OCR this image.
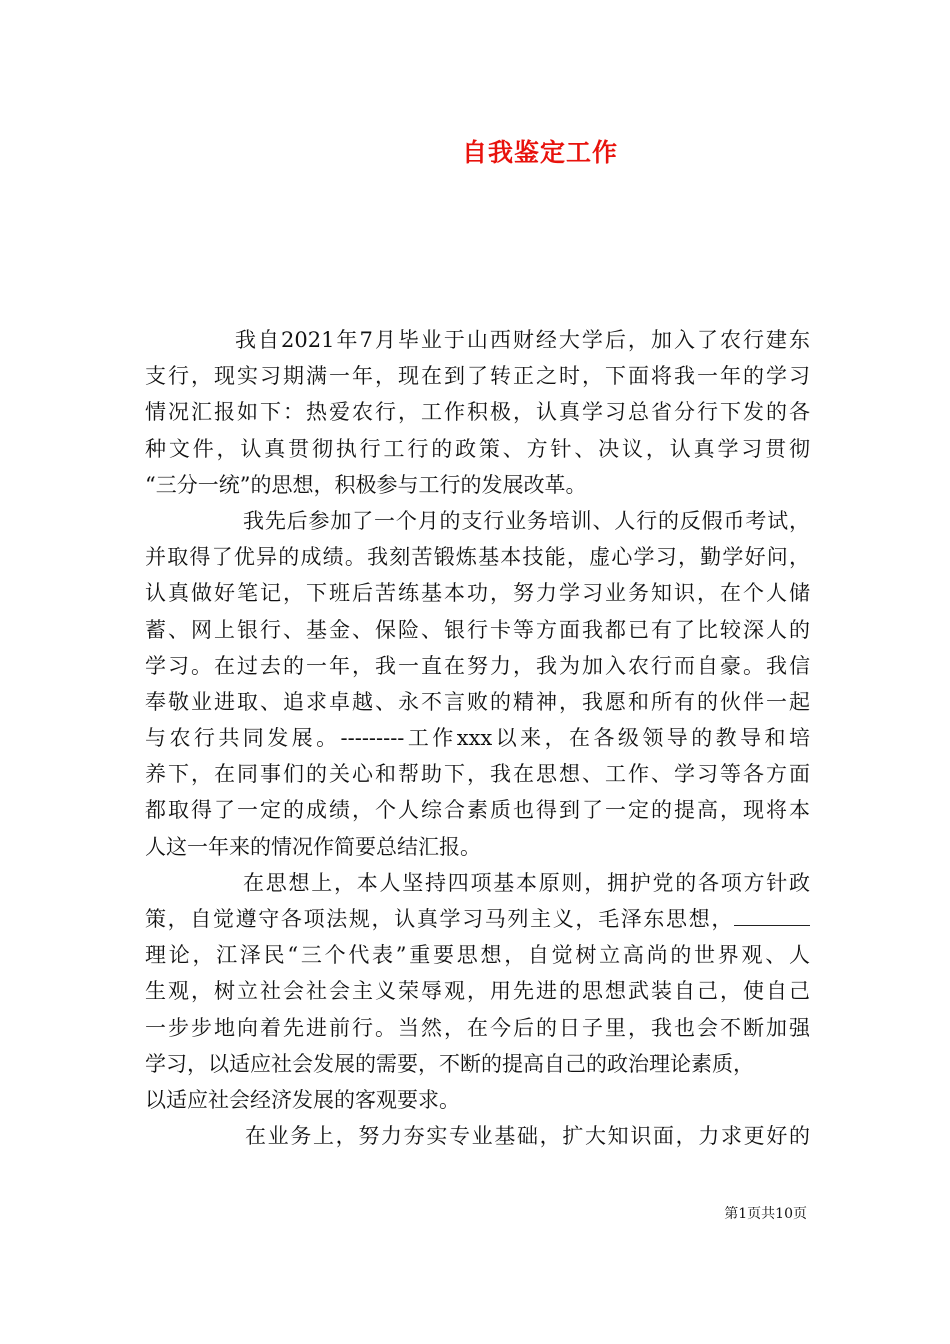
自我鉴定工作
我自2021年7月毕业于山西财经大学后，加入了农行建东
支行，现实习期满一年，现在到了转正之时，下面将我一年的学习
情况汇报如下：热爱农行，工作积极，认真学习总省分行下发的各
种文件，认真贯彻执行工行的政策、方针、决议，认真学习贯彻
“三分一统”的思想，积极参与工行的发展改革。
我先后参加了一个月的支行业务培训、人行的反假币考试，
并取得了优异的成绩。我刻苦锻炼基本技能，虚心学习，勤学好问，
认真做好笔记，下班后苦练基本功，努力学习业务知识，在个人储
蓄、网上银行、基金、保险、银行卡等方面我都已有了比较深人的
学习。在过去的一年，我一直在努力，我为加入农行而自豪。我信
奉敬业进取、追求卓越、永不言败的精神，我愿和所有的伙伴一起
与农行共同发展。---------工作xxx以来，在各级领导的教导和培
养下，在同事们的关心和帮助下，我在思想、工作、学习等各方面
都取得了一定的成绩，个人综合素质也得到了一定的提高，现将本
人这一年来的情况作简要总结汇报。
在思想上，本人坚持四项基本原则，拥护党的各项方针政
策，自觉遵守各项法规，认真学习马列主义，毛泽东思想，
理论，江泽民“三个代表”重要思想，自觉树立高尚的世界观、人
生观，树立社会社会主义荣辱观，用先进的思想武装自己，使自己
一步步地向着先进前行。当然，在今后的日子里，我也会不断加强
学习，以适应社会发展的需要，不断的提高自己的政治理论素质，
以适应社会经济发展的客观要求。
在业务上，努力夯实专业基础，扩大知识面，力求更好的
第1页共10页
